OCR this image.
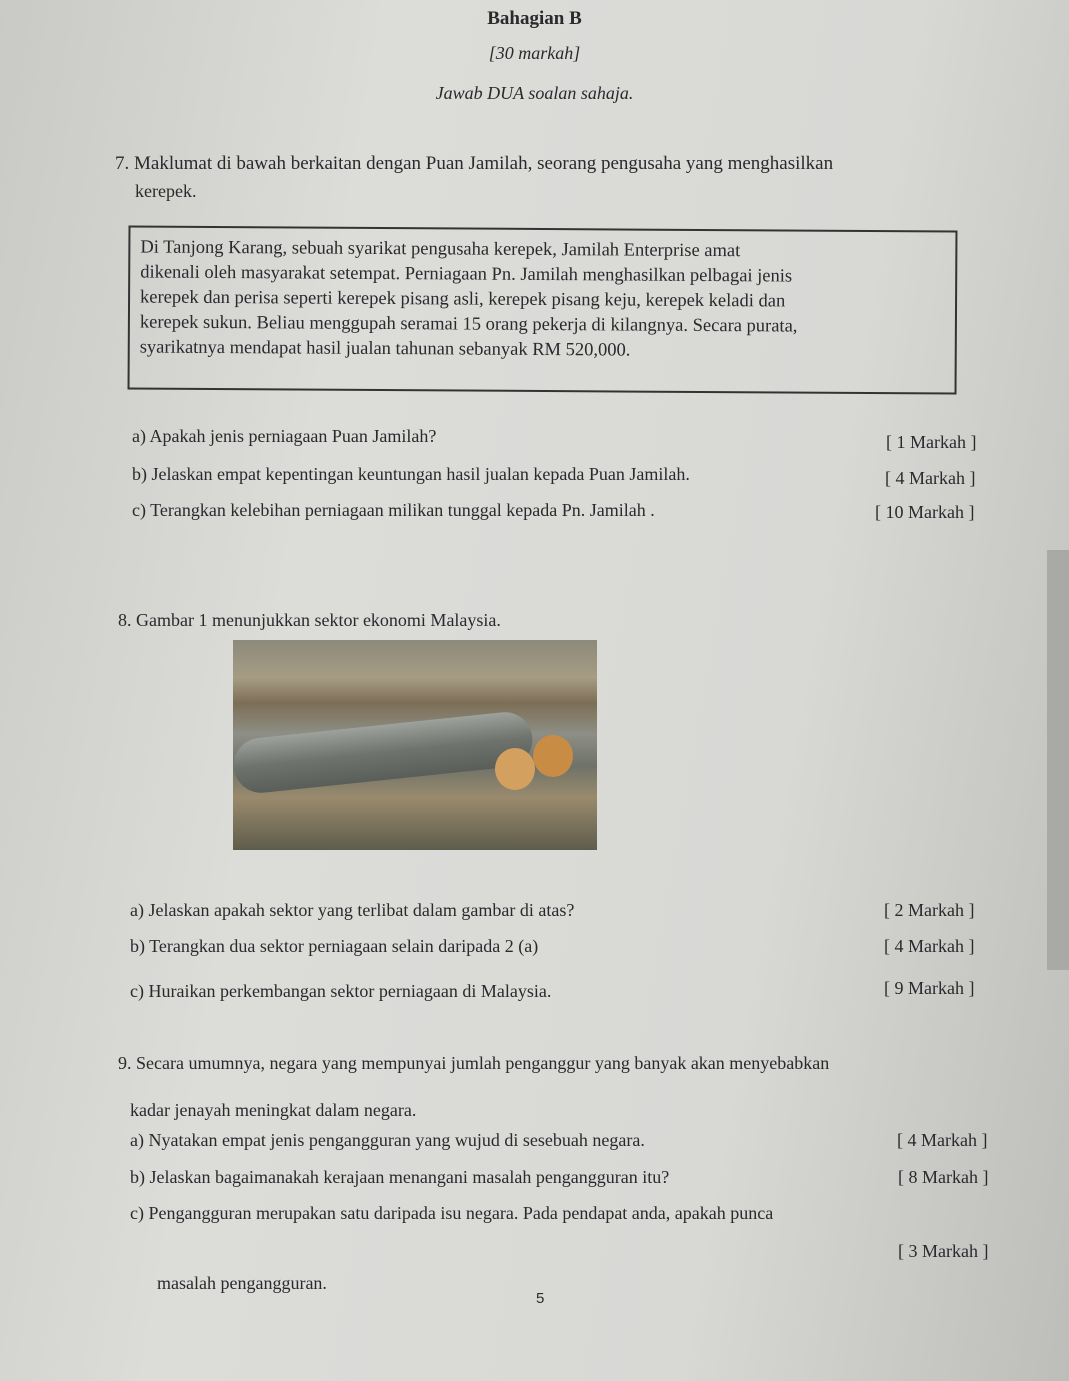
Bahagian B
[30 markah]
Jawab DUA soalan sahaja.
7. Maklumat di bawah berkaitan dengan Puan Jamilah, seorang pengusaha yang menghasilkan
kerepek.

Di Tanjong Karang, sebuah syarikat pengusaha kerepek, Jamilah Enterprise amat

dikenali oleh masyarakat setempat. Perniagaan Pn. Jamilah menghasilkan pelbagai jenis

kerepek dan perisa seperti kerepek pisang asli, kerepek pisang keju, kerepek keladi dan

kerepek sukun. Beliau menggupah seramai 15 orang pekerja di kilangnya. Secara purata,

syarikatnya mendapat hasil jualan tahunan sebanyak RM 520,000.

a) Apakah jenis perniagaan Puan Jamilah?	[ 1 Markah ]
b) Jelaskan empat kepentingan keuntungan hasil jualan kepada Puan Jamilah.	[ 4 Markah ]
c) Terangkan kelebihan perniagaan milikan tunggal kepada Pn. Jamilah .	[ 10 Markah ]
8. Gambar 1 menunjukkan sektor ekonomi Malaysia.
a) Jelaskan apakah sektor yang terlibat dalam gambar di atas?	[ 2 Markah ]
b) Terangkan dua sektor perniagaan selain daripada 2 (a)	[ 4 Markah ]
c) Huraikan perkembangan sektor perniagaan di Malaysia.	[ 9 Markah ]
9. Secara umumnya, negara yang mempunyai jumlah penganggur yang banyak akan menyebabkan
kadar jenayah meningkat dalam negara.
a) Nyatakan empat jenis pengangguran yang wujud di sesebuah negara.	[ 4 Markah ]
b) Jelaskan bagaimanakah kerajaan menangani masalah pengangguran itu?	[ 8 Markah ]
c) Pengangguran merupakan satu daripada isu negara. Pada pendapat anda, apakah punca
[ 3 Markah ]
masalah pengangguran.
5
